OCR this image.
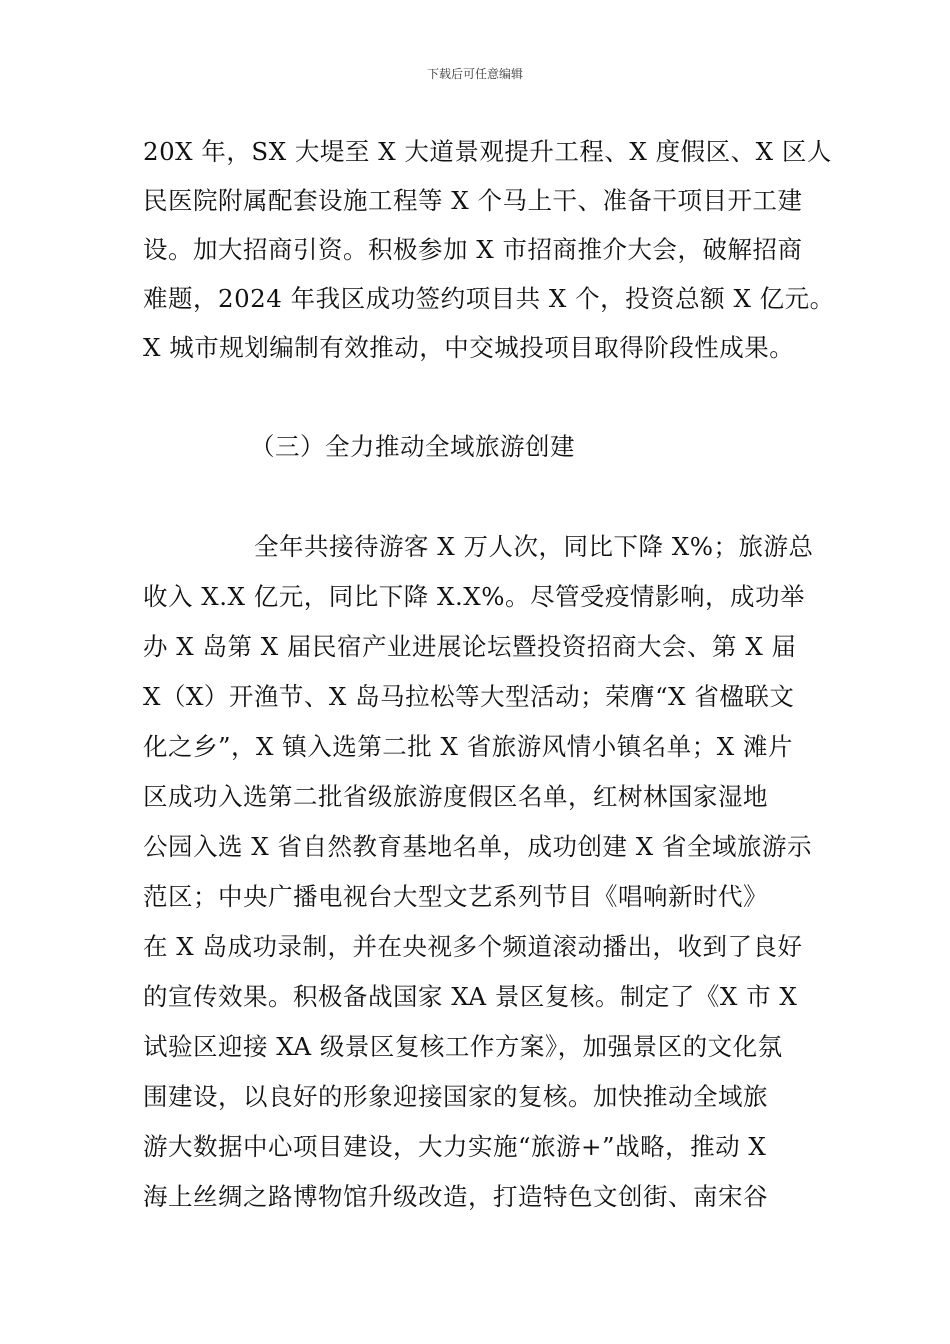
下载后可任意编辑
20X 年，SX 大堤至 X 大道景观提升工程、X 度假区、X 区人
民医院附属配套设施工程等 X 个马上干、准备干项目开工建
设。加大招商引资。积极参加 X 市招商推介大会，破解招商
难题，2024 年我区成功签约项目共 X 个，投资总额 X 亿元。
X 城市规划编制有效推动，中交城投项目取得阶段性成果。
（三）全力推动全域旅游创建
全年共接待游客 X 万人次，同比下降 X%；旅游总
收入 X.X 亿元，同比下降 X.X%。尽管受疫情影响，成功举
办 X 岛第 X 届民宿产业进展论坛暨投资招商大会、第 X 届
X（X）开渔节、X 岛马拉松等大型活动；荣膺“X 省楹联文
化之乡”，X 镇入选第二批 X 省旅游风情小镇名单；X 滩片
区成功入选第二批省级旅游度假区名单，红树林国家湿地
公园入选 X 省自然教育基地名单，成功创建 X 省全域旅游示
范区；中央广播电视台大型文艺系列节目《唱响新时代》
在 X 岛成功录制，并在央视多个频道滚动播出，收到了良好
的宣传效果。积极备战国家 XA 景区复核。制定了《X 市 X
试验区迎接 XA 级景区复核工作方案》，加强景区的文化氛
围建设，以良好的形象迎接国家的复核。加快推动全域旅
游大数据中心项目建设，大力实施“旅游+”战略，推动 X
海上丝绸之路博物馆升级改造，打造特色文创街、南宋谷
